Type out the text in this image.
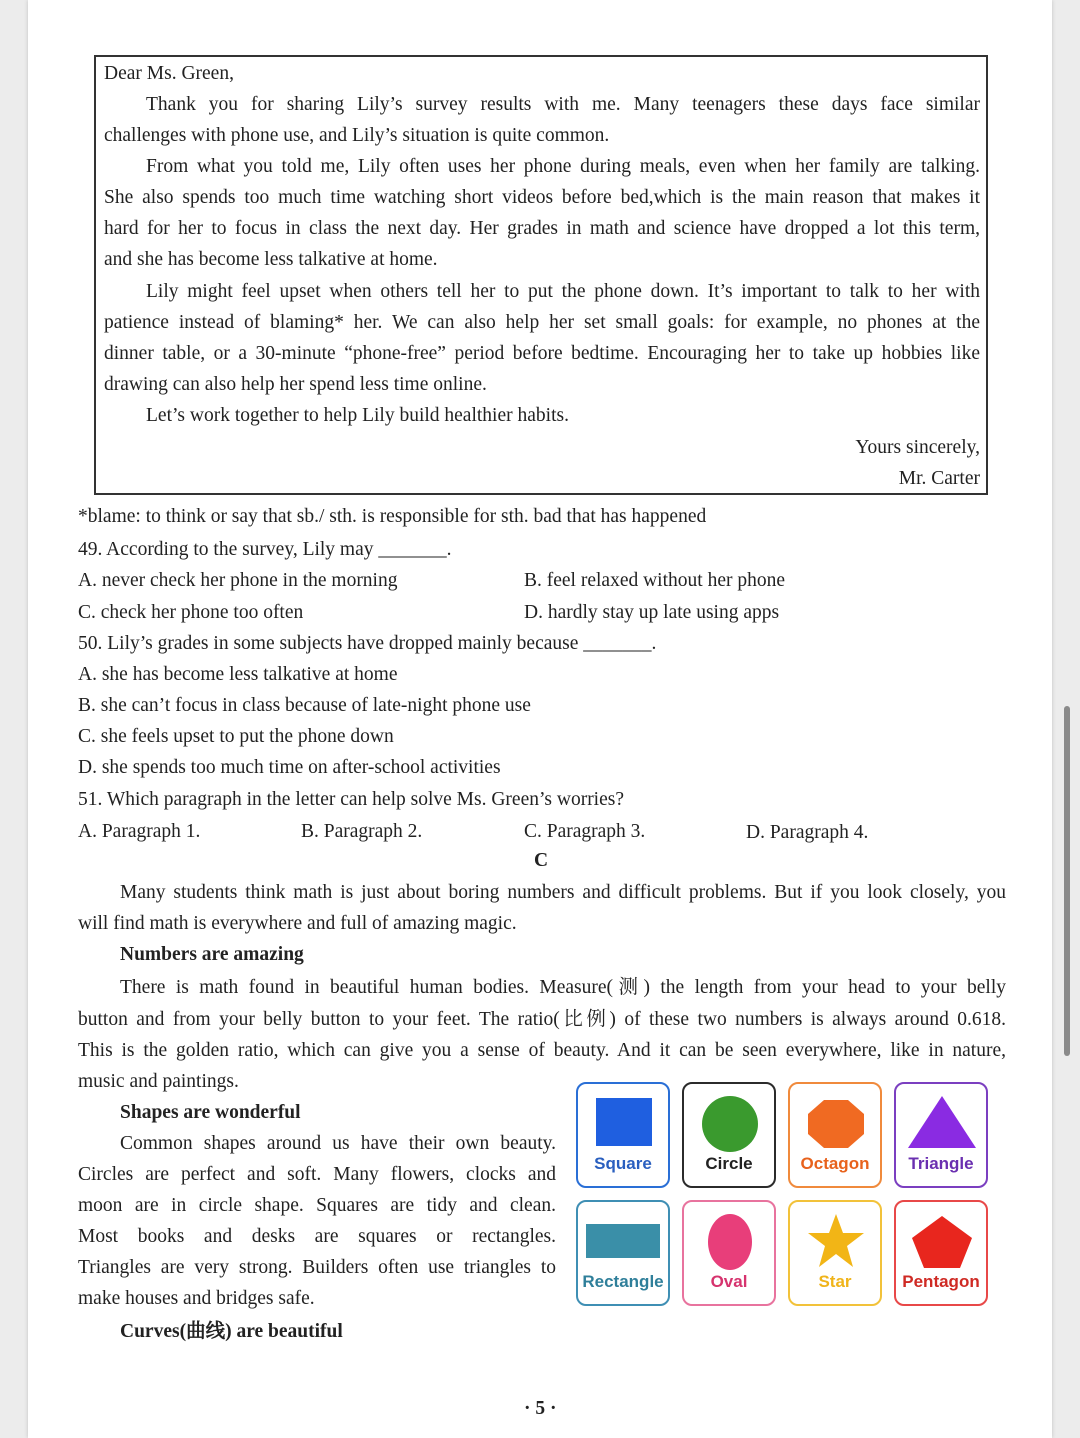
Dear Ms. Green,
Thank you for sharing Lily’s survey results with me. Many teenagers these days face similar
challenges with phone use, and Lily’s situation is quite common.
From what you told me, Lily often uses her phone during meals, even when her family are talking.
She also spends too much time watching short videos before bed,which is the main reason that makes it
hard for her to focus in class the next day. Her grades in math and science have dropped a lot this term,
and she has become less talkative at home.
Lily might feel upset when others tell her to put the phone down. It’s important to talk to her with
patience instead of blaming* her. We can also help her set small goals: for example, no phones at the
dinner table, or a 30-minute “phone-free” period before bedtime. Encouraging her to take up hobbies like
drawing can also help her spend less time online.
Let’s work together to help Lily build healthier habits.
Yours sincerely,
Mr. Carter
*blame: to think or say that sb./ sth. is responsible for sth. bad that has happened
49. According to the survey, Lily may _______.
A. never check her phone in the morning	B. feel relaxed without her phone
C. check her phone too often	D. hardly stay up late using apps
50. Lily’s grades in some subjects have dropped mainly because _______.
A. she has become less talkative at home
B. she can’t focus in class because of late-night phone use
C. she feels upset to put the phone down
D. she spends too much time on after-school activities
51. Which paragraph in the letter can help solve Ms. Green’s worries?
A. Paragraph 1.	B. Paragraph 2.	C. Paragraph 3.	D. Paragraph 4.
C
Many students think math is just about boring numbers and difficult problems. But if you look closely, you
will find math is everywhere and full of amazing magic.
Numbers are amazing
There is math found in beautiful human bodies. Measure(测) the length from your head to your belly
button and from your belly button to your feet. The ratio(比例) of these two numbers is always around 0.618.
This is the golden ratio, which can give you a sense of beauty. And it can be seen everywhere, like in nature,
music and paintings.
Shapes are wonderful
Common shapes around us have their own beauty.
Circles are perfect and soft. Many flowers, clocks and
moon are in circle shape. Squares are tidy and clean.
Most books and desks are squares or rectangles.
Triangles are very strong. Builders often use triangles to
make houses and bridges safe.
Curves(曲线) are beautiful
Square	Circle	Octagon	Triangle
Rectangle	Oval	Star	Pentagon
· 5 ·
